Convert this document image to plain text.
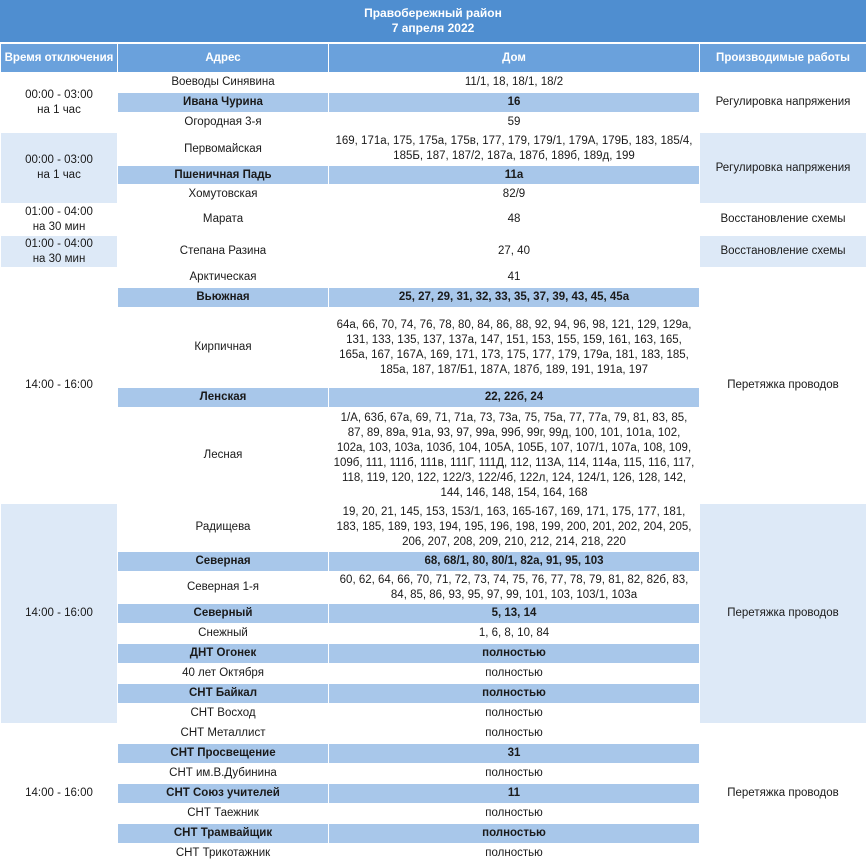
Правобережный район
7 апреля 2022
Время отключения	Адрес	Дом	Производимые работы
00:00 - 03:00
на 1 час	Воеводы Синявина	11/1, 18, 18/1, 18/2	Регулировка напряжения
	Ивана Чурина	16	
	Огородная 3-я	59	
00:00 - 03:00
на 1 час	Первомайская	169, 171а, 175, 175а, 175в, 177, 179, 179/1, 179А, 179Б, 183, 185/4, 185Б, 187, 187/2, 187а, 187б, 189б, 189д, 199	Регулировка напряжения
	Пшеничная Падь	11а	
	Хомутовская	82/9	
01:00 - 04:00
на 30 мин	Марата	48	Восстановление схемы
01:00 - 04:00
на 30 мин	Степана Разина	27, 40	Восстановление схемы
14:00 - 16:00	Арктическая	41	Перетяжка проводов
	Вьюжная	25, 27, 29, 31, 32, 33, 35, 37, 39, 43, 45, 45а	
	Кирпичная	64а, 66, 70, 74, 76, 78, 80, 84, 86, 88, 92, 94, 96, 98, 121, 129, 129а, 131, 133, 135, 137, 137а, 147, 151, 153, 155, 159, 161, 163, 165, 165а, 167, 167А, 169, 171, 173, 175, 177, 179, 179а, 181, 183, 185, 185а, 187, 187/Б1, 187А, 187б, 189, 191, 191а, 197	
	Ленская	22, 22б, 24	
	Лесная	1/А, 63б, 67а, 69, 71, 71а, 73, 73а, 75, 75а, 77, 77а, 79, 81, 83, 85, 87, 89, 89а, 91а, 93, 97, 99а, 99б, 99г, 99д, 100, 101, 101а, 102, 102а, 103, 103а, 103б, 104, 105А, 105Б, 107, 107/1, 107а, 108, 109, 109б, 111, 111б, 111в, 111Г, 111Д, 112, 113А, 114, 114а, 115, 116, 117, 118, 119, 120, 122, 122/3, 122/4б, 122л, 124, 124/1, 126, 128, 142, 144, 146, 148, 154, 164, 168	
14:00 - 16:00	Радищева	19, 20, 21, 145, 153, 153/1, 163, 165-167, 169, 171, 175, 177, 181, 183, 185, 189, 193, 194, 195, 196, 198, 199, 200, 201, 202, 204, 205, 206, 207, 208, 209, 210, 212, 214, 218, 220	Перетяжка проводов
	Северная	68, 68/1, 80, 80/1, 82а, 91, 95, 103	
	Северная 1-я	60, 62, 64, 66, 70, 71, 72, 73, 74, 75, 76, 77, 78, 79, 81, 82, 82б, 83, 84, 85, 86, 93, 95, 97, 99, 101, 103, 103/1, 103а	
	Северный	5, 13, 14	
	Снежный	1, 6, 8, 10, 84	
	ДНТ Огонек	полностью	
	40 лет Октября	полностью	
	СНТ Байкал	полностью	
	СНТ Восход	полностью	
14:00 - 16:00	СНТ Металлист	полностью	Перетяжка проводов
	СНТ Просвещение	31	
	СНТ им.В.Дубинина	полностью	
	СНТ Союз учителей	11	
	СНТ Таежник	полностью	
	СНТ Трамвайщик	полностью	
	СНТ Трикотажник	полностью	
